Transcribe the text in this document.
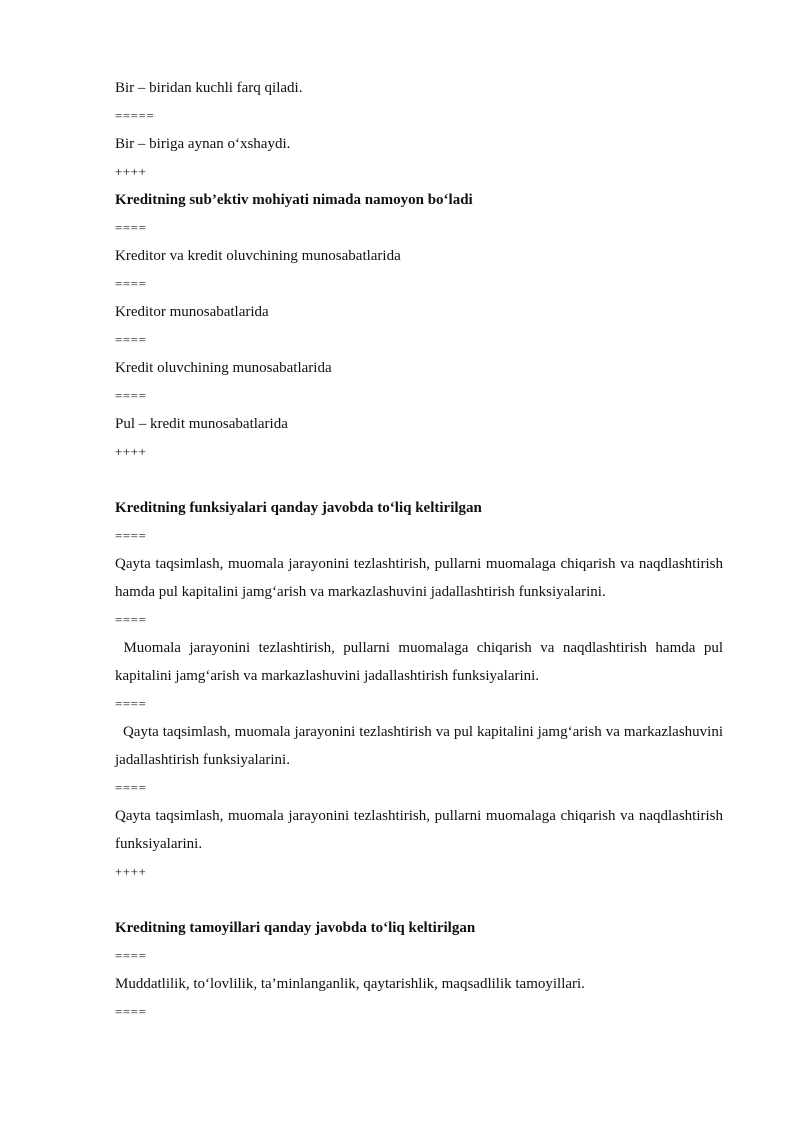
Bir – biridan kuchli farq qiladi.

=====

Bir – biriga aynan o‘xshaydi.

++++

Kreditning sub’ektiv mohiyati nimada namoyon bo‘ladi

====

Kreditor va kredit oluvchining munosabatlarida

====

Kreditor munosabatlarida

====

Kredit oluvchining munosabatlarida

====

Pul – kredit munosabatlarida

++++

Kreditning funksiyalari qanday javobda to‘liq keltirilgan

====

Qayta taqsimlash, muomala jarayonini tezlashtirish, pullarni muomalaga chiqarish va naqdlashtirish hamda pul kapitalini jamg‘arish va markazlashuvini jadallashtirish funksiyalarini.

====

Muomala jarayonini tezlashtirish, pullarni muomalaga chiqarish va naqdlashtirish hamda pul kapitalini jamg‘arish va markazlashuvini jadallashtirish funksiyalarini.

====

Qayta taqsimlash, muomala jarayonini tezlashtirish va pul kapitalini jamg‘arish va markazlashuvini jadallashtirish funksiyalarini.

====

Qayta taqsimlash, muomala jarayonini tezlashtirish, pullarni muomalaga chiqarish va naqdlashtirish funksiyalarini.

++++

Kreditning tamoyillari qanday javobda to‘liq keltirilgan

====

Muddatlilik, to‘lovlilik, ta’minlanganlik, qaytarishlik, maqsadlilik tamoyillari.

====
